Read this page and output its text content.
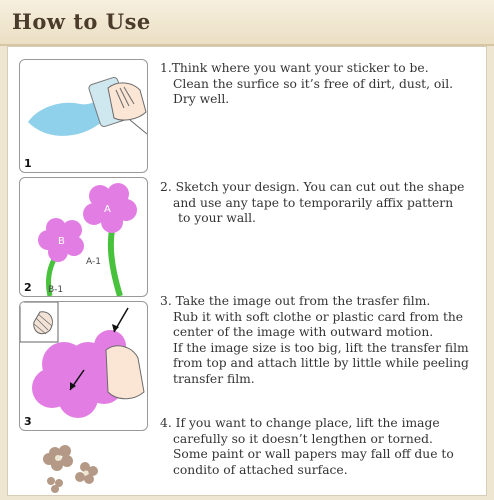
How to Use
1
A
B
A-1
B-1
2
3
1.Think where you want your sticker to be.
Clean the surfice so it’s free of dirt, dust, oil.
Dry well.
2. Sketch your design. You can cut out the shape
and use any tape to temporarily affix pattern
to your wall.
3. Take the image out from the trasfer film.
Rub it with soft clothe or plastic card from the
center of the image with outward motion.
If the image size is too big, lift the transfer film
from top and attach little by little while peeling
transfer film.
4. If you want to change place, lift the image
carefully so it doesn’t lengthen or torned.
Some paint or wall papers may fall off due to
condito of attached surface.
